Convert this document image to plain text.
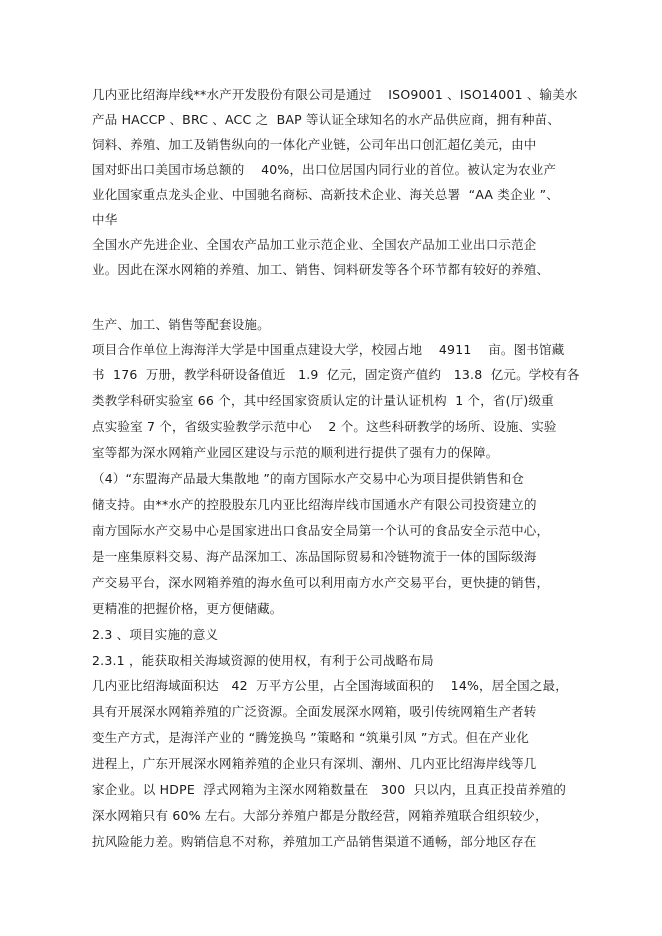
几内亚比绍海岸线**水产开发股份有限公司是通过    ISO9001 、ISO14001 、输美水
产品 HACCP 、BRC 、ACC 之  BAP 等认证全球知名的水产品供应商，拥有种苗、
饲料、养殖、加工及销售纵向的一体化产业链，公司年出口创汇超亿美元，由中
国对虾出口美国市场总额的    40%，出口位居国内同行业的首位。被认定为农业产
业化国家重点龙头企业、中国驰名商标、高新技术企业、海关总署  “AA 类企业 ”、
中华
全国水产先进企业、全国农产品加工业示范企业、全国农产品加工业出口示范企
业。因此在深水网箱的养殖、加工、销售、饲料研发等各个环节都有较好的养殖、
生产、加工、销售等配套设施。
项目合作单位上海海洋大学是中国重点建设大学，校园占地    4911    亩。图书馆藏
书  176  万册，教学科研设备值近   1.9  亿元，固定资产值约   13.8  亿元。学校有各
类教学科研实验室 66 个，其中经国家资质认定的计量认证机构  1 个，省(厅)级重
点实验室 7 个，省级实验教学示范中心    2 个。这些科研教学的场所、设施、实验
室等都为深水网箱产业园区建设与示范的顺利进行提供了强有力的保障。
（4）“东盟海产品最大集散地 ”的南方国际水产交易中心为项目提供销售和仓
储支持。由**水产的控股股东几内亚比绍海岸线市国通水产有限公司投资建立的
南方国际水产交易中心是国家进出口食品安全局第一个认可的食品安全示范中心，
是一座集原料交易、海产品深加工、冻品国际贸易和冷链物流于一体的国际级海
产交易平台，深水网箱养殖的海水鱼可以利用南方水产交易平台，更快捷的销售，
更精准的把握价格，更方便储藏。
2.3 、项目实施的意义
2.3.1 ，能获取相关海域资源的使用权，有利于公司战略布局
几内亚比绍海域面积达   42  万平方公里，占全国海域面积的    14%，居全国之最，
具有开展深水网箱养殖的广泛资源。全面发展深水网箱，吸引传统网箱生产者转
变生产方式，是海洋产业的 “腾笼换鸟 ”策略和 “筑巢引凤 ”方式。但在产业化
进程上，广东开展深水网箱养殖的企业只有深圳、潮州、几内亚比绍海岸线等几
家企业。以 HDPE  浮式网箱为主深水网箱数量在   300  只以内，且真正投苗养殖的
深水网箱只有 60% 左右。大部分养殖户都是分散经营，网箱养殖联合组织较少，
抗风险能力差。购销信息不对称，养殖加工产品销售渠道不通畅，部分地区存在
